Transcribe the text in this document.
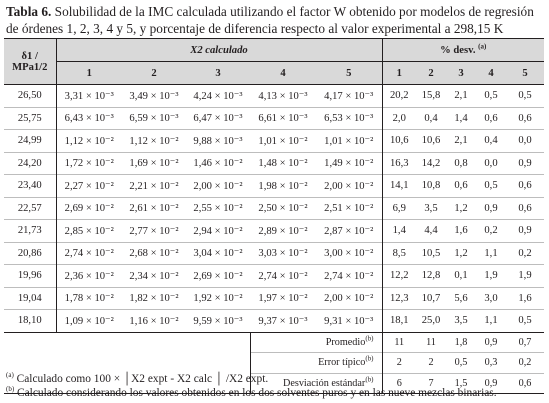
Tabla 6. Solubilidad de la IMC calculada utilizando el factor W obtenido por modelos de regresión
de órdenes 1, 2, 3, 4 y 5, y porcentaje de diferencia respecto al valor experimental a 298,15 K
δ1 /
MPa1/2	X2 calculado					% desv. $^{(a)}$
	1	2	3	4	5	1	2	3	4	5
26,50	3,31 × 10⁻³	3,49 × 10⁻³	4,24 × 10⁻³	4,13 × 10⁻³	4,17 × 10⁻³	20,2	15,8	2,1	0,5	0,5
25,75	6,43 × 10⁻³	6,59 × 10⁻³	6,47 × 10⁻³	6,61 × 10⁻³	6,53 × 10⁻³	2,0	0,4	1,4	0,6	0,6
24,99	1,12 × 10⁻²	1,12 × 10⁻²	9,88 × 10⁻³	1,01 × 10⁻²	1,01 × 10⁻²	10,6	10,6	2,1	0,4	0,0
24,20	1,72 × 10⁻²	1,69 × 10⁻²	1,46 × 10⁻²	1,48 × 10⁻²	1,49 × 10⁻²	16,3	14,2	0,8	0,0	0,9
23,40	2,27 × 10⁻²	2,21 × 10⁻²	2,00 × 10⁻²	1,98 × 10⁻²	2,00 × 10⁻²	14,1	10,8	0,6	0,5	0,6
22,57	2,69 × 10⁻²	2,61 × 10⁻²	2,55 × 10⁻²	2,50 × 10⁻²	2,51 × 10⁻²	6,9	3,5	1,2	0,9	0,6
21,73	2,85 × 10⁻²	2,77 × 10⁻²	2,94 × 10⁻²	2,89 × 10⁻²	2,87 × 10⁻²	1,4	4,4	1,6	0,2	0,9
20,86	2,74 × 10⁻²	2,68 × 10⁻²	3,04 × 10⁻²	3,03 × 10⁻²	3,00 × 10⁻²	8,5	10,5	1,2	1,1	0,2
19,96	2,36 × 10⁻²	2,34 × 10⁻²	2,69 × 10⁻²	2,74 × 10⁻²	2,74 × 10⁻²	12,2	12,8	0,1	1,9	1,9
19,04	1,78 × 10⁻²	1,82 × 10⁻²	1,92 × 10⁻²	1,97 × 10⁻²	2,00 × 10⁻²	12,3	10,7	5,6	3,0	1,6
18,10	1,09 × 10⁻²	1,16 × 10⁻²	9,59 × 10⁻³	9,37 × 10⁻³	9,31 × 10⁻³	18,1	25,0	3,5	1,1	0,5
				Promedio$^{(b)}$		11	11	1,8	0,9	0,7
				Error típico$^{(b)}$		2	2	0,5	0,3	0,2
				Desviación estándar$^{(b)}$		6	7	1,5	0,9	0,6
$^{(a)}$ Calculado como 100 × │X2 expt - X2 calc │ /X2 expt.
$^{(b)}$ Calculado considerando los valores obtenidos en los dos solventes puros y en las nueve mezclas binarias.
